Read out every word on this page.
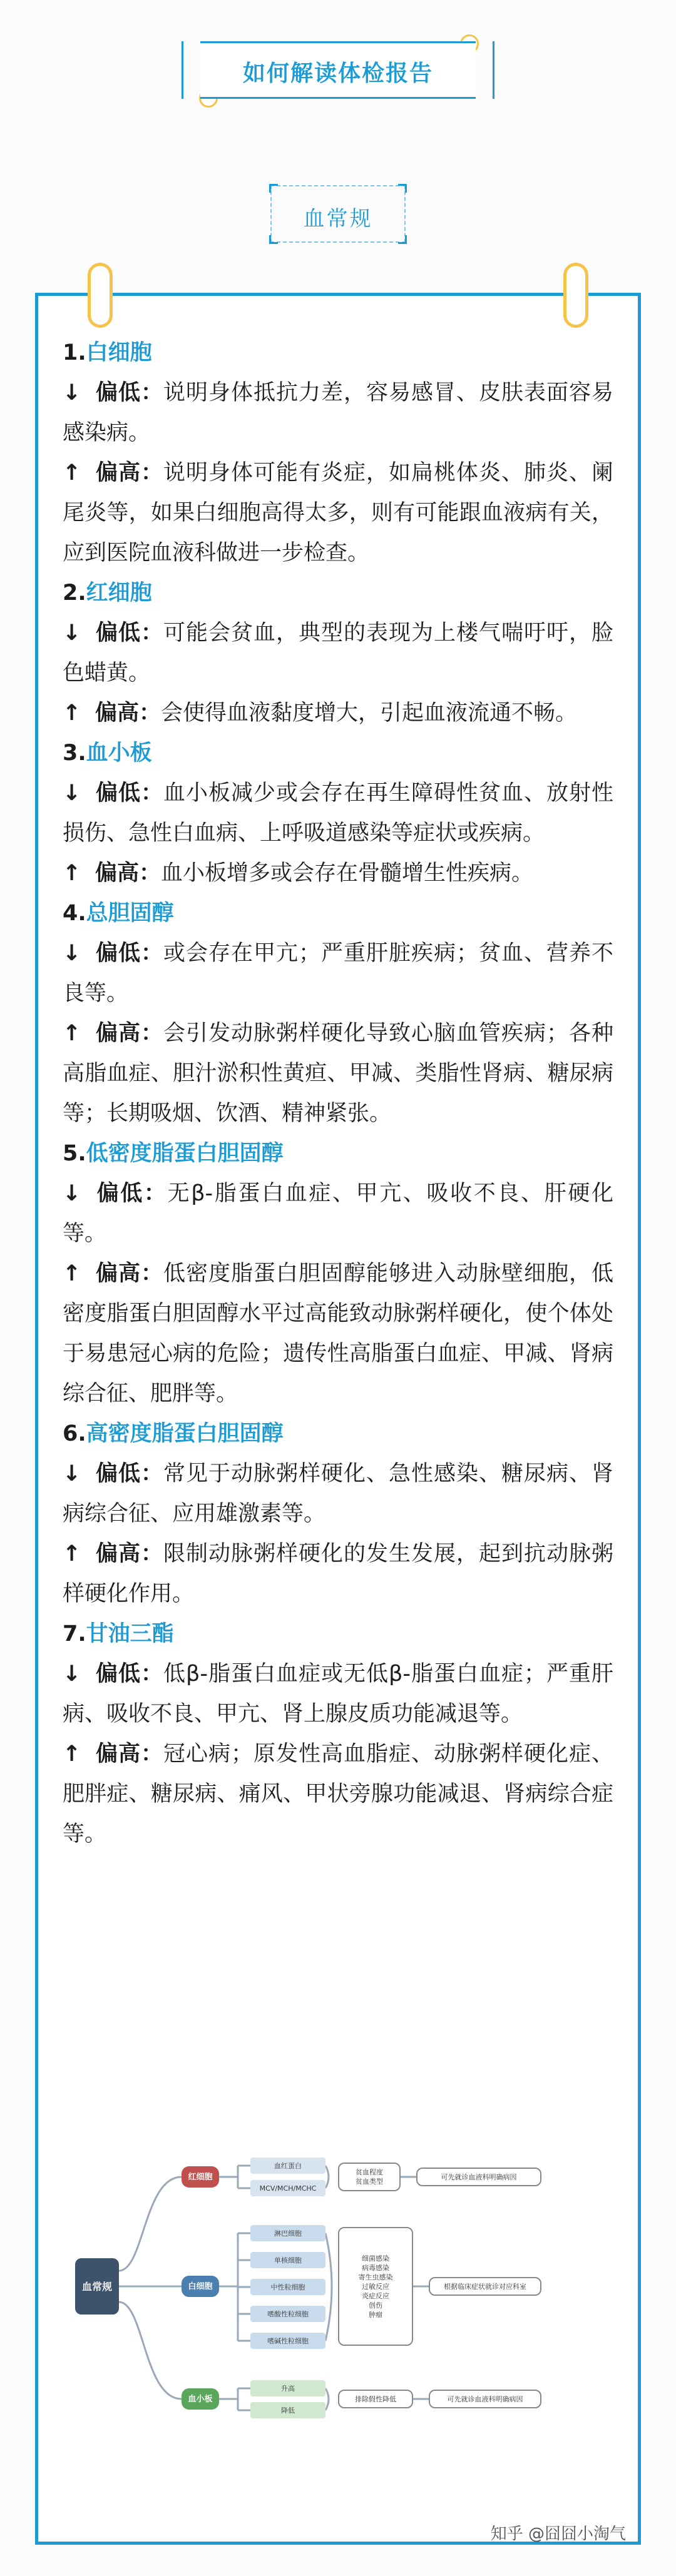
如何解读体检报告
血常规

1.白细胞

↓ 偏低：说明身体抵抗力差，容易感冒、皮肤表面容易感染病。

↑ 偏高：说明身体可能有炎症，如扁桃体炎、肺炎、阑尾炎等，如果白细胞高得太多，则有可能跟血液病有关，应到医院血液科做进一步检查。

2.红细胞

↓ 偏低：可能会贫血，典型的表现为上楼气喘吁吁，脸色蜡黄。

↑ 偏高：会使得血液黏度增大，引起血液流通不畅。

3.血小板

↓ 偏低：血小板减少或会存在再生障碍性贫血、放射性损伤、急性白血病、上呼吸道感染等症状或疾病。

↑ 偏高：血小板增多或会存在骨髓增生性疾病。

4.总胆固醇

↓ 偏低：或会存在甲亢；严重肝脏疾病；贫血、营养不良等。

↑ 偏高：会引发动脉粥样硬化导致心脑血管疾病；各种高脂血症、胆汁淤积性黄疸、甲减、类脂性肾病、糖尿病等；长期吸烟、饮酒、精神紧张。

5.低密度脂蛋白胆固醇

↓ 偏低：无β-脂蛋白血症、甲亢、吸收不良、肝硬化等。

↑ 偏高：低密度脂蛋白胆固醇能够进入动脉壁细胞，低密度脂蛋白胆固醇水平过高能致动脉粥样硬化，使个体处于易患冠心病的危险；遗传性高脂蛋白血症、甲减、肾病综合征、肥胖等。

6.高密度脂蛋白胆固醇

↓ 偏低：常见于动脉粥样硬化、急性感染、糖尿病、肾病综合征、应用雄激素等。

↑ 偏高：限制动脉粥样硬化的发生发展，起到抗动脉粥样硬化作用。

7.甘油三酯

↓ 偏低：低β-脂蛋白血症或无低β-脂蛋白血症；严重肝病、吸收不良、甲亢、肾上腺皮质功能减退等。

↑ 偏高：冠心病；原发性高血脂症、动脉粥样硬化症、肥胖症、糖尿病、痛风、甲状旁腺功能减退、肾病综合症等。

血常规
红细胞
血红蛋白
MCV/MCH/MCHC
贫血程度
贫血类型
可先就诊血液科明确病因
白细胞
淋巴细胞
单核细胞
中性粒细胞
嗜酸性粒细胞
嗜碱性粒细胞
细菌感染
病毒感染
寄生虫感染
过敏反应
炎症反应
创伤
肿瘤
根据临床症状就诊对应科室
血小板
升高
降低
排除假性降低	可先就诊血液科明确病因
知乎 @囧囧小淘气
